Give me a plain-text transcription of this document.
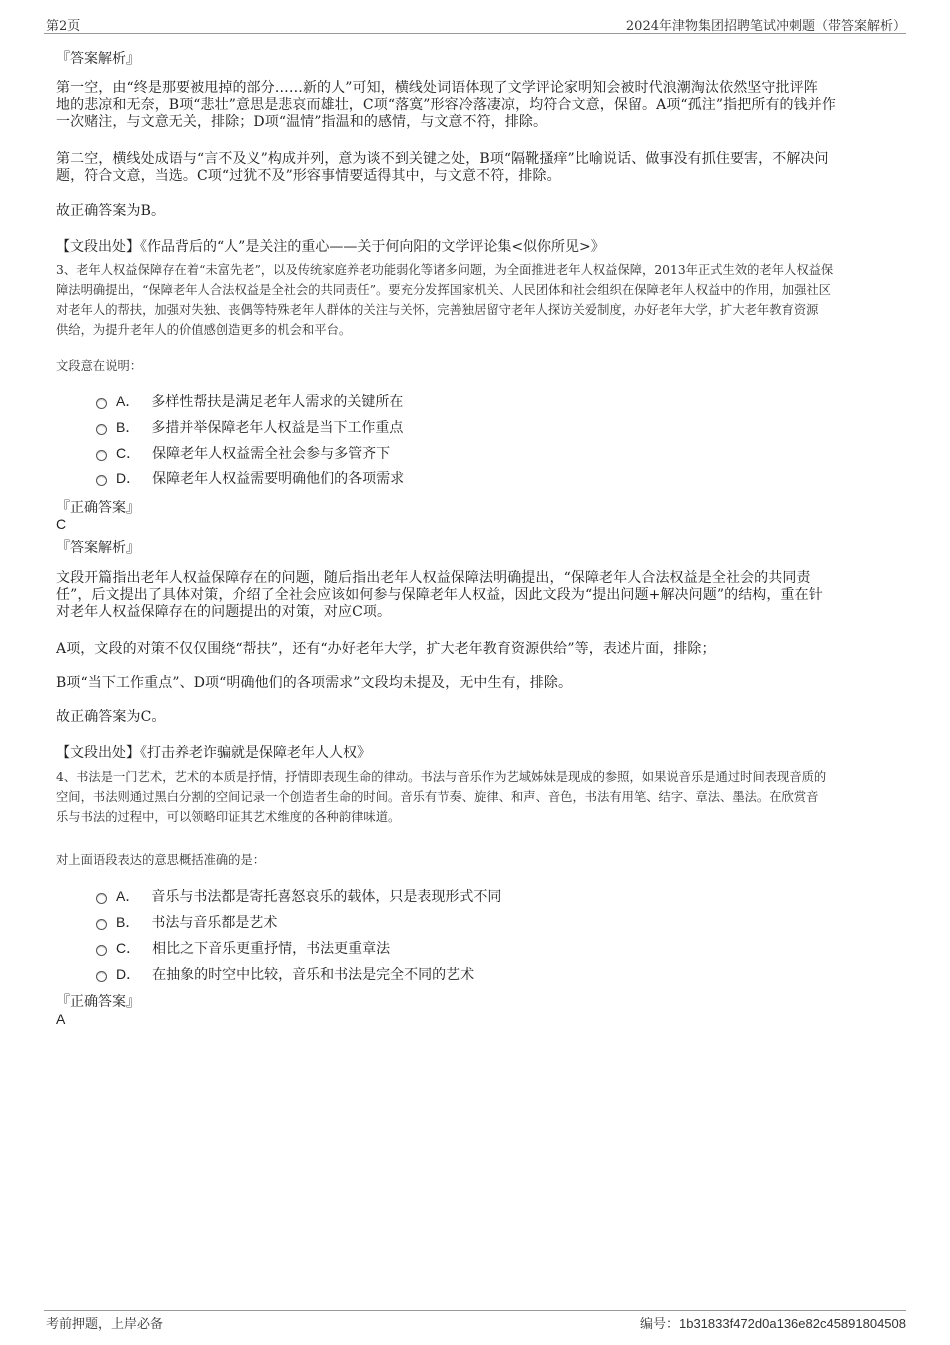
第2页	2024年津物集团招聘笔试冲刺题（带答案解析）
『答案解析』
第一空，由“终是那要被甩掉的部分……新的人”可知，横线处词语体现了文学评论家明知会被时代浪潮淘汰依然坚守批评阵
地的悲凉和无奈，B项“悲壮”意思是悲哀而雄壮，C项“落寞”形容冷落凄凉，均符合文意，保留。A项“孤注”指把所有的钱并作
一次赌注，与文意无关，排除；D项“温情”指温和的感情，与文意不符，排除。
第二空，横线处成语与“言不及义”构成并列，意为谈不到关键之处，B项“隔靴搔痒”比喻说话、做事没有抓住要害，不解决问
题，符合文意，当选。C项“过犹不及”形容事情要适得其中，与文意不符，排除。
故正确答案为B。
【文段出处】《作品背后的“人”是关注的重心——关于何向阳的文学评论集<似你所见>》
3、老年人权益保障存在着“未富先老”，以及传统家庭养老功能弱化等诸多问题，为全面推进老年人权益保障，2013年正式生效的老年人权益保
障法明确提出，“保障老年人合法权益是全社会的共同责任”。要充分发挥国家机关、人民团体和社会组织在保障老年人权益中的作用，加强社区
对老年人的帮扶，加强对失独、丧偶等特殊老年人群体的关注与关怀，完善独居留守老年人探访关爱制度，办好老年大学，扩大老年教育资源
供给，为提升老年人的价值感创造更多的机会和平台。
文段意在说明：
A． 多样性帮扶是满足老年人需求的关键所在
B． 多措并举保障老年人权益是当下工作重点
C． 保障老年人权益需全社会参与多管齐下
D． 保障老年人权益需要明确他们的各项需求
『正确答案』
C
『答案解析』
文段开篇指出老年人权益保障存在的问题，随后指出老年人权益保障法明确提出，“保障老年人合法权益是全社会的共同责
任”，后文提出了具体对策，介绍了全社会应该如何参与保障老年人权益，因此文段为“提出问题+解决问题”的结构，重在针
对老年人权益保障存在的问题提出的对策，对应C项。
A项，文段的对策不仅仅围绕“帮扶”，还有“办好老年大学，扩大老年教育资源供给”等，表述片面，排除；
B项“当下工作重点”、D项“明确他们的各项需求”文段均未提及，无中生有，排除。
故正确答案为C。
【文段出处】《打击养老诈骗就是保障老年人人权》
4、书法是一门艺术，艺术的本质是抒情，抒情即表现生命的律动。书法与音乐作为艺域姊妹是现成的参照，如果说音乐是通过时间表现音质的
空间，书法则通过黑白分割的空间记录一个创造者生命的时间。音乐有节奏、旋律、和声、音色，书法有用笔、结字、章法、墨法。在欣赏音
乐与书法的过程中，可以领略印证其艺术维度的各种韵律味道。
对上面语段表达的意思概括准确的是：
A． 音乐与书法都是寄托喜怒哀乐的载体，只是表现形式不同
B． 书法与音乐都是艺术
C． 相比之下音乐更重抒情，书法更重章法
D． 在抽象的时空中比较，音乐和书法是完全不同的艺术
『正确答案』
A
考前押题，上岸必备	编号：1b31833f472d0a136e82c45891804508
